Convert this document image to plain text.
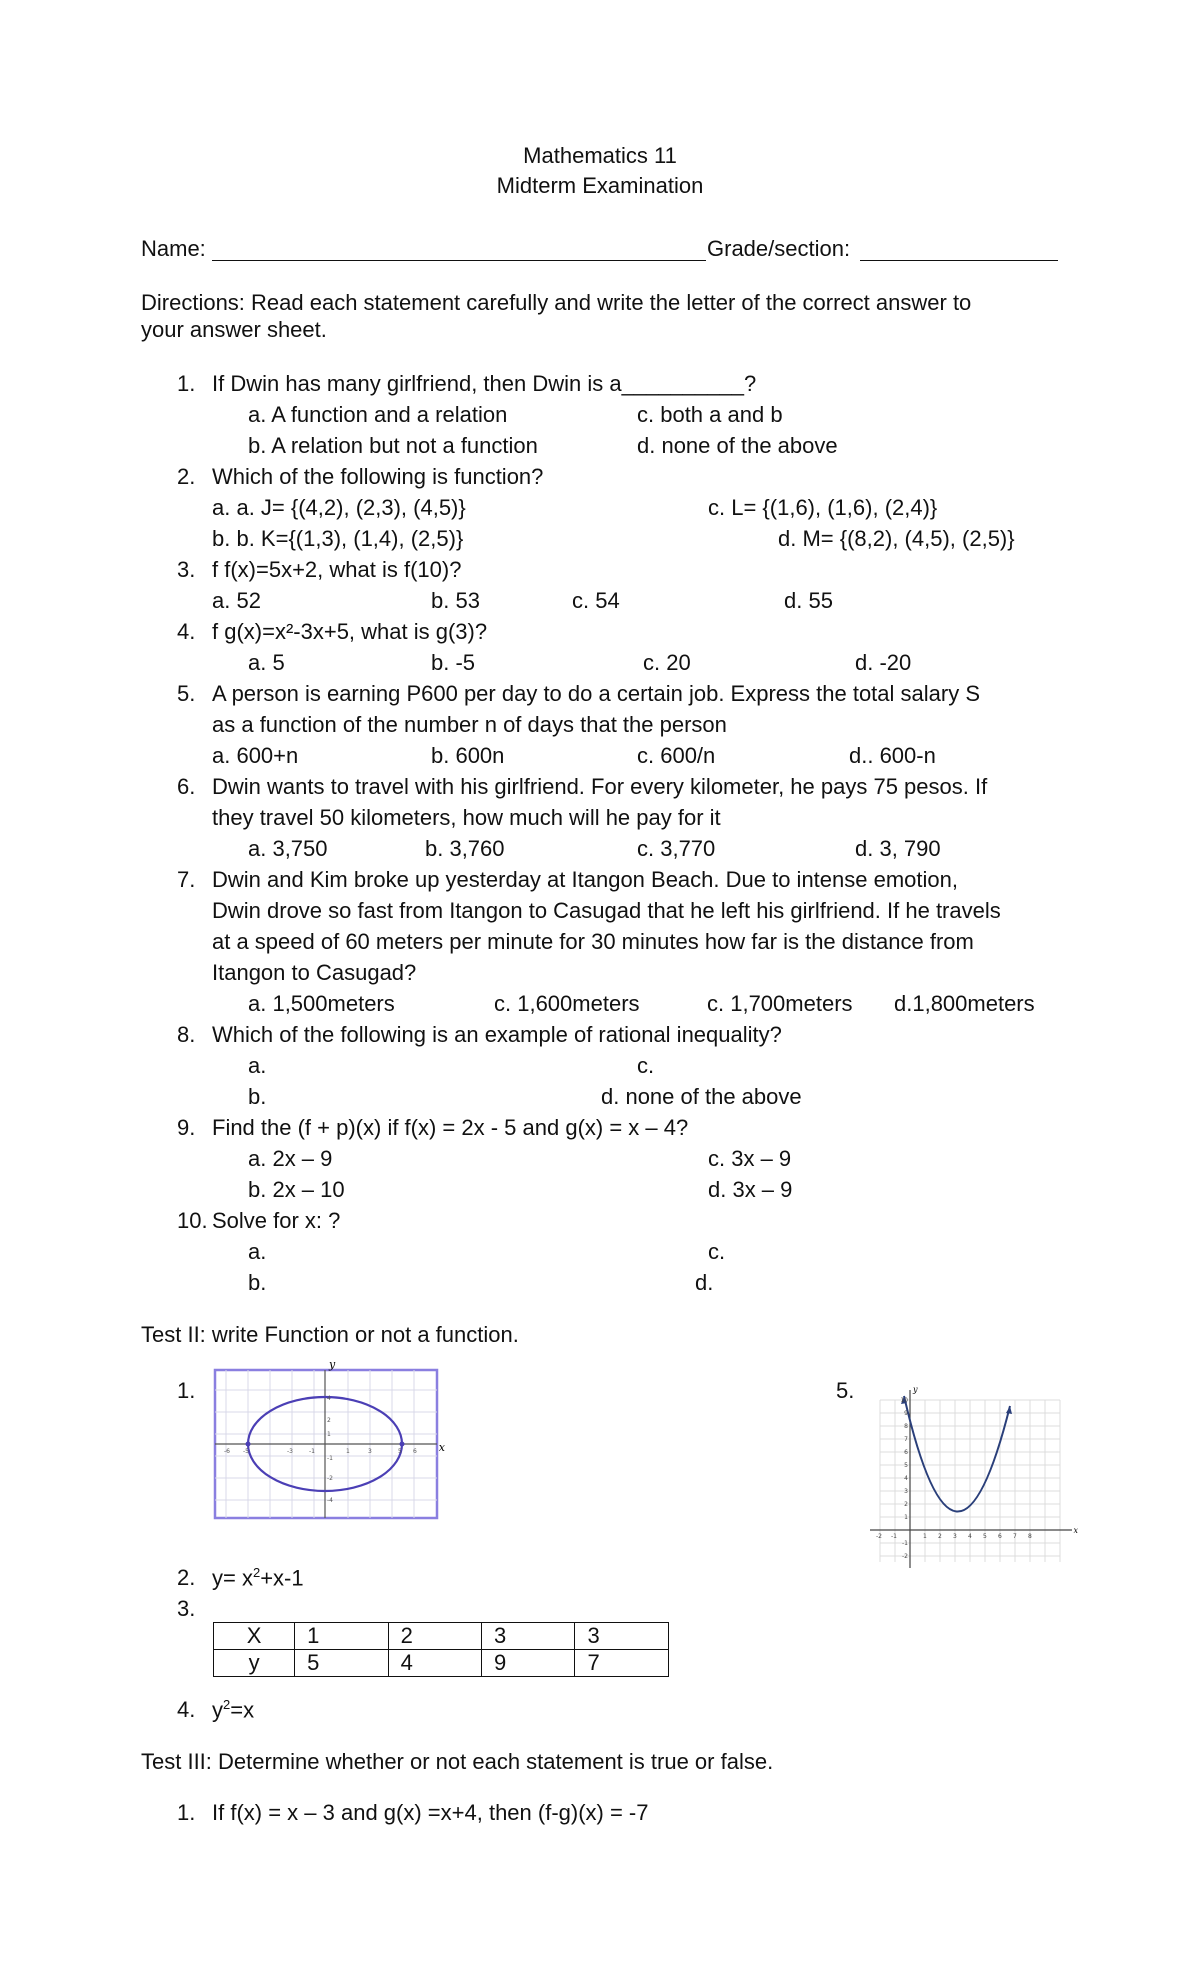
Mathematics 11
Midterm Examination
Name:	Grade/section:
Directions: Read each statement carefully and write the letter of the correct answer to
your answer sheet.
1. If Dwin has many girlfriend, then Dwin is a__________?
a. A function and a relation	c. both a and b
b. A relation but not a function	d. none of the above
2. Which of the following is function?
a. a. J= {(4,2), (2,3), (4,5)}	c. L= {(1,6), (1,6), (2,4)}
b. b. K={(1,3), (1,4), (2,5)}	d. M= {(8,2), (4,5), (2,5)}
3. f f(x)=5x+2, what is f(10)?
a. 52	b. 53	c. 54	d. 55
4. f g(x)=x²-3x+5, what is g(3)?
a. 5	b. -5	c. 20	d. -20
5. A person is earning P600 per day to do a certain job. Express the total salary S
as a function of the number n of days that the person
a. 600+n	b. 600n	c. 600/n	d.. 600-n
6. Dwin wants to travel with his girlfriend. For every kilometer, he pays 75 pesos. If
they travel 50 kilometers, how much will he pay for it
a. 3,750	b. 3,760	c. 3,770	d. 3, 790
7. Dwin and Kim broke up yesterday at Itangon Beach. Due to intense emotion,
Dwin drove so fast from Itangon to Casugad that he left his girlfriend. If he travels
at a speed of 60 meters per minute for 30 minutes how far is the distance from
Itangon to Casugad?
a. 1,500meters	c. 1,600meters	c. 1,700meters d.1,800meters
8. Which of the following is an example of rational inequality?
a.	c.
b.	d. none of the above
9. Find the (f + p)(x) if f(x) = 2x - 5 and g(x) = x – 4?
a. 2x – 9	c. 3x – 9
b. 2x – 10	d. 3x – 9
10. Solve for x: ?
a.	c.
b.	d.
Test II: write Function or not a function.
1.
x
y
-6 -5	-3	-1	1	3	5 6
4
2
1
-1
-2
-4
5.
x
y
-2 -1	1 2 3 4 5 6 7 8
10
9
8
7
6
5
4
3
2
1
-1
-2
2. $y= x^2+x-1$
3.
X	1	2	3	3
y	5	4	9	7
4. $y^2=x$
Test III: Determine whether or not each statement is true or false.
1. If f(x) = x – 3 and g(x) =x+4, then (f-g)(x) = -7
